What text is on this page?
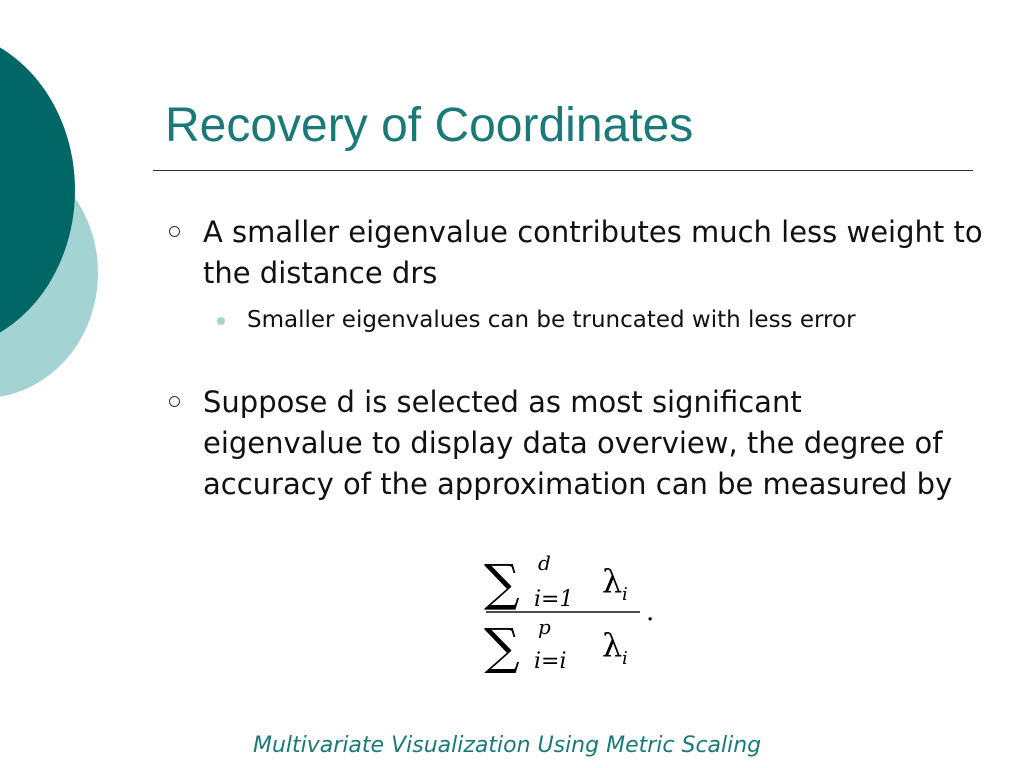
Recovery of Coordinates
A smaller eigenvalue contributes much less weight to the distance drs
Smaller eigenvalues can be truncated with less error
Suppose d is selected as most significant eigenvalue to display data overview, the degree of accuracy of the approximation can be measured by
∑ d
i=1 λ i
.
∑ p
i=i λ i
Multivariate Visualization Using Metric Scaling
